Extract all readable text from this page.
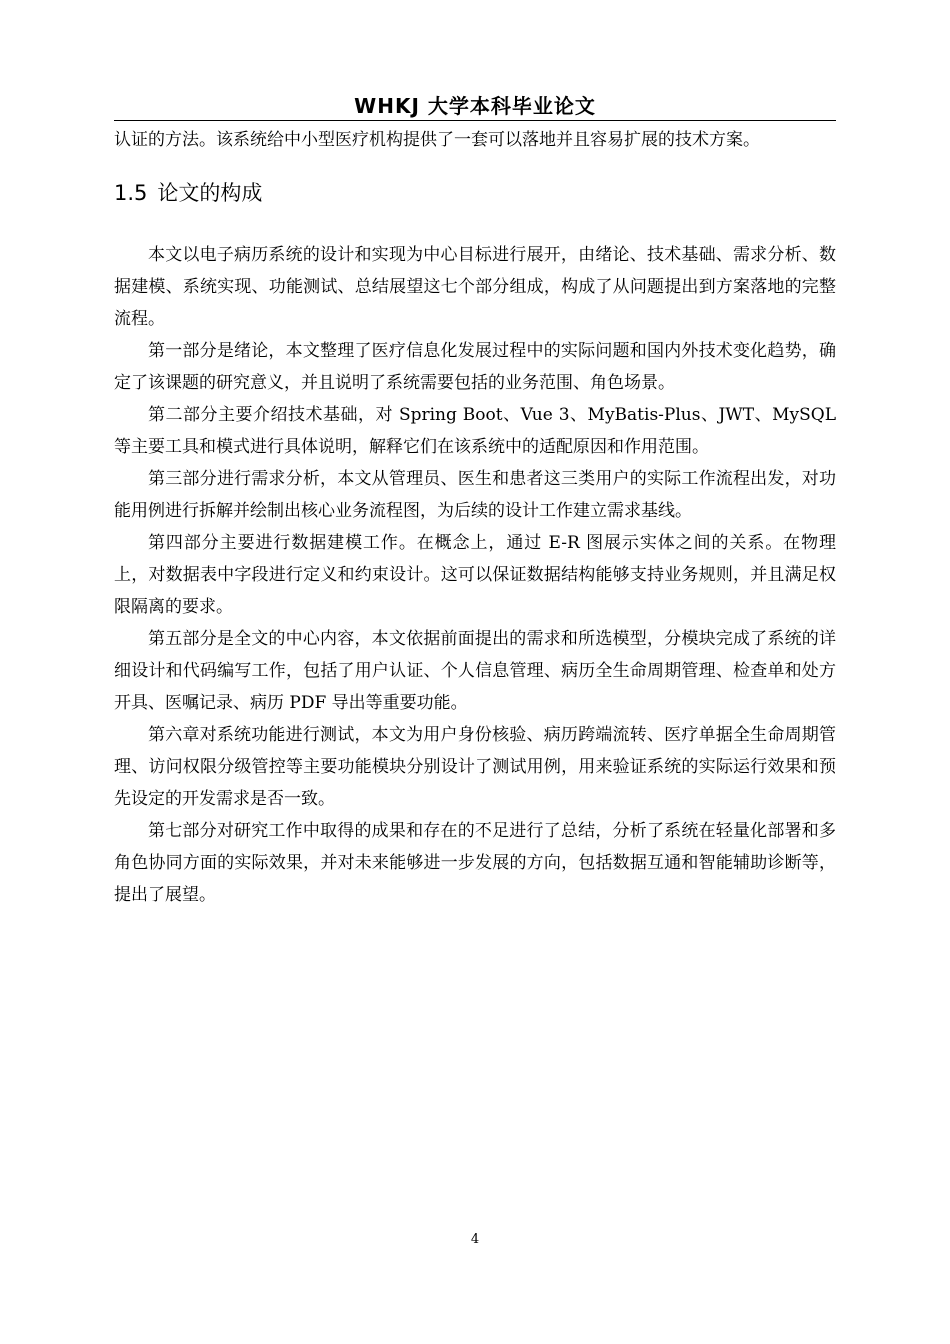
WHKJ 大学本科毕业论文
认证的方法。该系统给中小型医疗机构提供了一套可以落地并且容易扩展的技术方案。
1.5 论文的构成

本文以电子病历系统的设计和实现为中心目标进行展开，由绪论、技术基础、需求分析、数据建模、系统实现、功能测试、总结展望这七个部分组成，构成了从问题提出到方案落地的完整流程。

第一部分是绪论，本文整理了医疗信息化发展过程中的实际问题和国内外技术变化趋势，确定了该课题的研究意义，并且说明了系统需要包括的业务范围、角色场景。

第二部分主要介绍技术基础，对 Spring Boot、Vue 3、MyBatis-Plus、JWT、MySQL 等主要工具和模式进行具体说明，解释它们在该系统中的适配原因和作用范围。

第三部分进行需求分析，本文从管理员、医生和患者这三类用户的实际工作流程出发，对功能用例进行拆解并绘制出核心业务流程图，为后续的设计工作建立需求基线。

第四部分主要进行数据建模工作。在概念上，通过 E-R 图展示实体之间的关系。在物理上，对数据表中字段进行定义和约束设计。这可以保证数据结构能够支持业务规则，并且满足权限隔离的要求。

第五部分是全文的中心内容，本文依据前面提出的需求和所选模型，分模块完成了系统的详细设计和代码编写工作，包括了用户认证、个人信息管理、病历全生命周期管理、检查单和处方开具、医嘱记录、病历 PDF 导出等重要功能。

第六章对系统功能进行测试，本文为用户身份核验、病历跨端流转、医疗单据全生命周期管理、访问权限分级管控等主要功能模块分别设计了测试用例，用来验证系统的实际运行效果和预先设定的开发需求是否一致。

第七部分对研究工作中取得的成果和存在的不足进行了总结，分析了系统在轻量化部署和多角色协同方面的实际效果，并对未来能够进一步发展的方向，包括数据互通和智能辅助诊断等，提出了展望。

4
